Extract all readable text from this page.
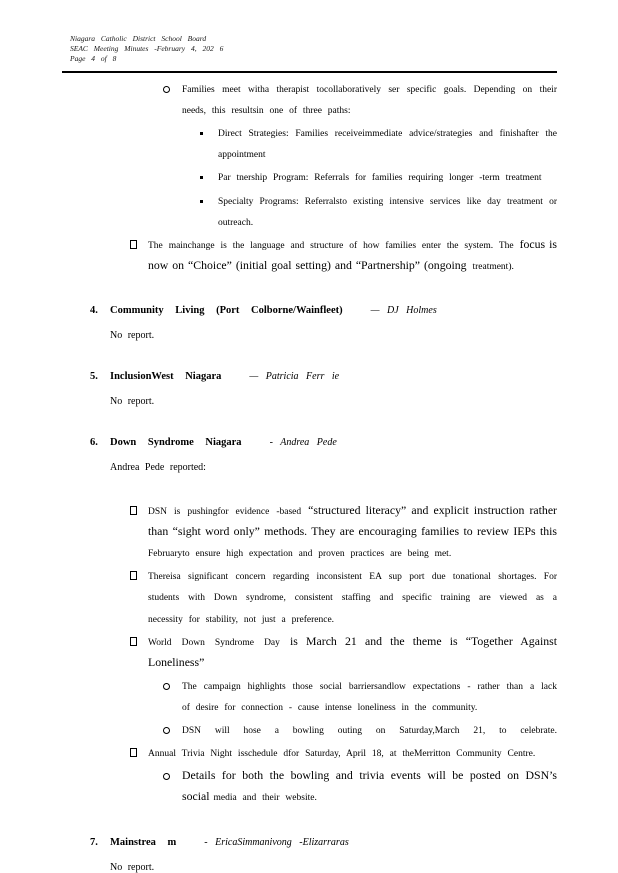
Niagara Catholic District School Board
SEAC Meeting Minutes -February 4, 202 6
Page 4 of 8
Families meet witha therapist tocollaboratively ser specific goals. Depending on their needs, this resultsin one of three paths:
Direct Strategies: Families receiveimmediate advice/strategies and finishafter the appointment
Par tnership Program: Referrals for families requiring longer -term treatment
Specialty Programs: Referralsto existing intensive services like day treatment or outreach.
The mainchange is the language and structure of how families enter the system. The focus is now on “Choice” (initial goal setting) and “Partnership” (ongoing treatment).
4. Community Living (Port Colborne/Wainfleet)	— DJ Holmes
No report.
5. InclusionWest Niagara	— Patricia Ferr ie
No report.
6. Down Syndrome Niagara	- Andrea Pede
Andrea Pede reported:
DSN is pushingfor evidence -based “structured literacy” and explicit instruction rather than “sight word only” methods. They are encouraging families to review IEPs this Februaryto ensure high expectation and proven practices are being met.
Thereisa significant concern regarding inconsistent EA sup port due tonational shortages. For students with Down syndrome, consistent staffing and specific training are viewed as a necessity for stability, not just a preference.
World Down Syndrome Day is March 21 and the theme is “Together Against Loneliness”
The campaign highlights those social barriersandlow expectations - rather than a lack of desire for connection - cause intense loneliness in the community.
DSN will hose a bowling outing on Saturday,March 21, to celebrate.
Annual Trivia Night isschedule dfor Saturday, April 18, at theMerritton Community Centre.
Details for both the bowling and trivia events will be posted on DSN’s social media and their website.
7. Mainstrea m	- EricaSimmanivong -Elizarraras
No report.
